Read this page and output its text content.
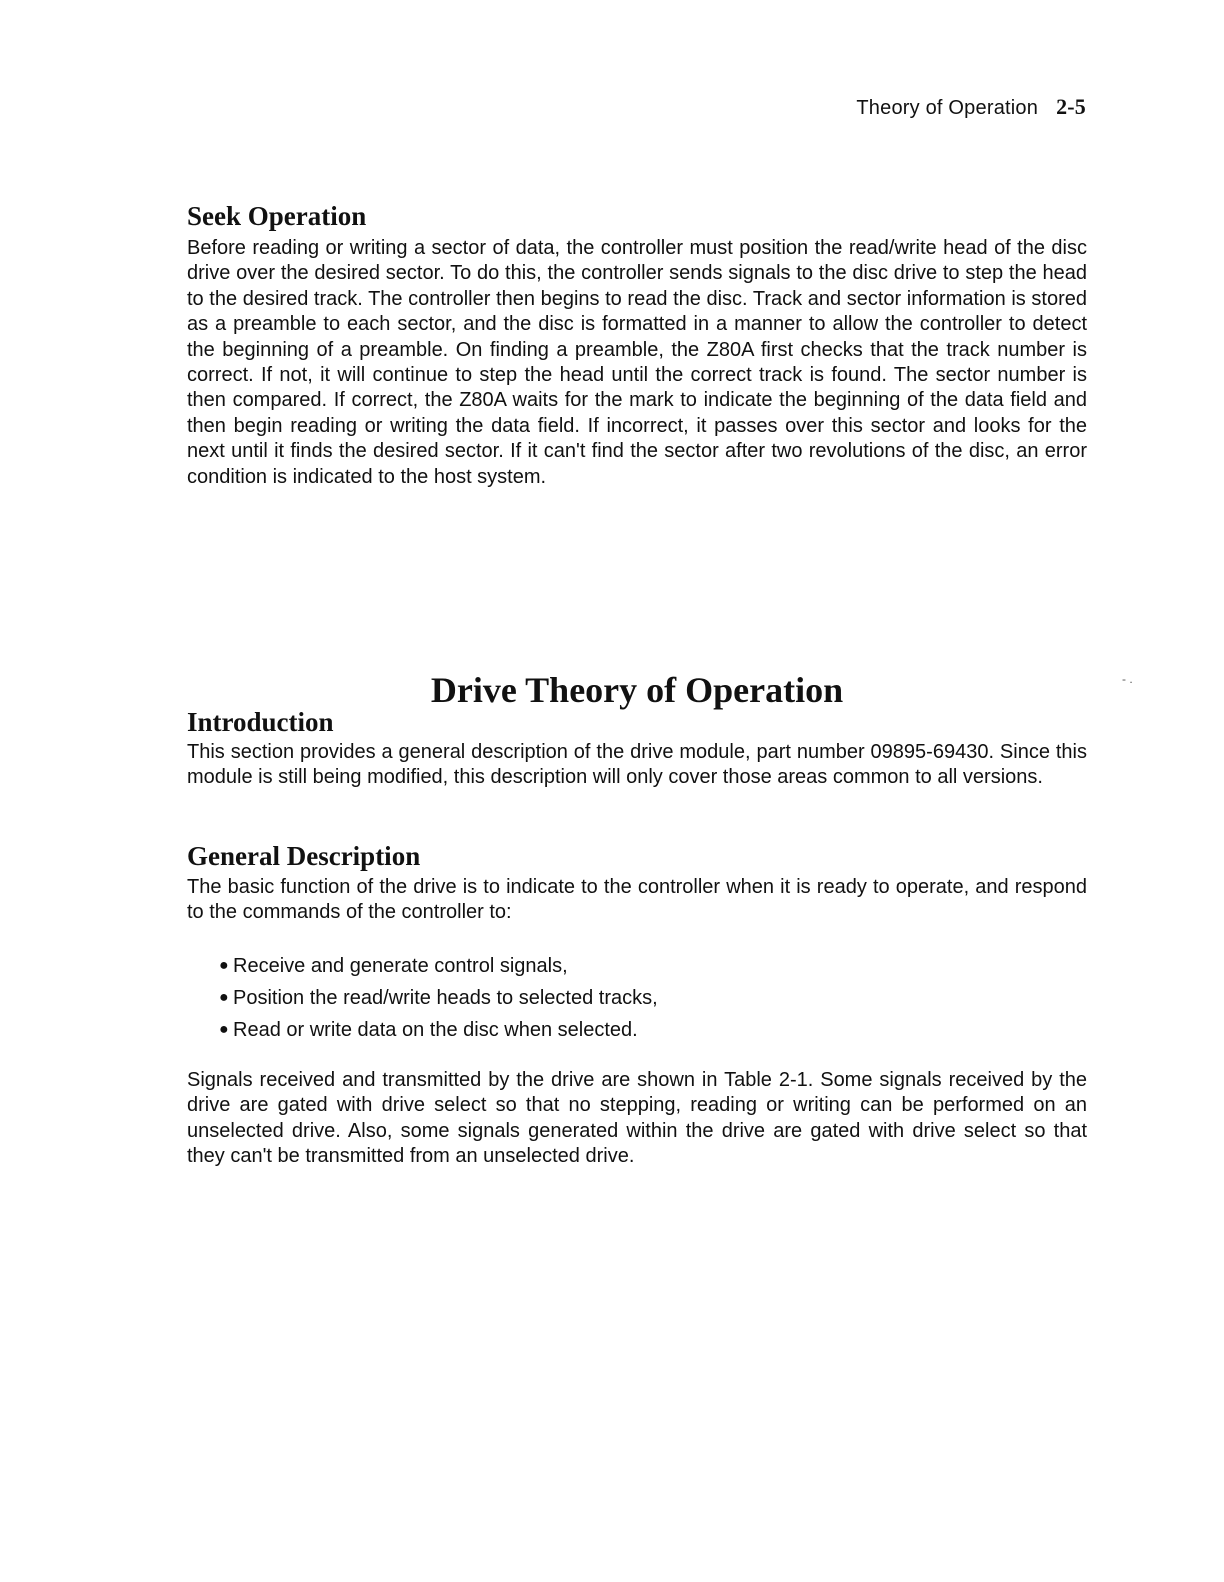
Theory of Operation 2-5
Seek Operation

Before reading or writing a sector of data, the controller must position the read/write head of the disc drive over the desired sector. To do this, the controller sends signals to the disc drive to step the head to the desired track. The controller then begins to read the disc. Track and sector information is stored as a preamble to each sector, and the disc is formatted in a manner to allow the controller to detect the beginning of a preamble. On finding a preamble, the Z80A first checks that the track number is correct. If not, it will continue to step the head until the correct track is found. The sector number is then compared. If correct, the Z80A waits for the mark to indicate the beginning of the data field and then begin reading or writing the data field. If incorrect, it passes over this sector and looks for the next until it finds the desired sector. If it can't find the sector after two revolutions of the disc, an error condition is indicated to the host system.

Drive Theory of Operation	- .
Introduction

This section provides a general description of the drive module, part number 09895-69430. Since this module is still being modified, this description will only cover those areas common to all versions.

General Description

The basic function of the drive is to indicate to the controller when it is ready to operate, and respond to the commands of the controller to:

● Receive and generate control signals,
● Position the read/write heads to selected tracks,
● Read or write data on the disc when selected.

Signals received and transmitted by the drive are shown in Table 2-1. Some signals received by the drive are gated with drive select so that no stepping, reading or writing can be performed on an unselected drive. Also, some signals generated within the drive are gated with drive select so that they can't be transmitted from an unselected drive.
